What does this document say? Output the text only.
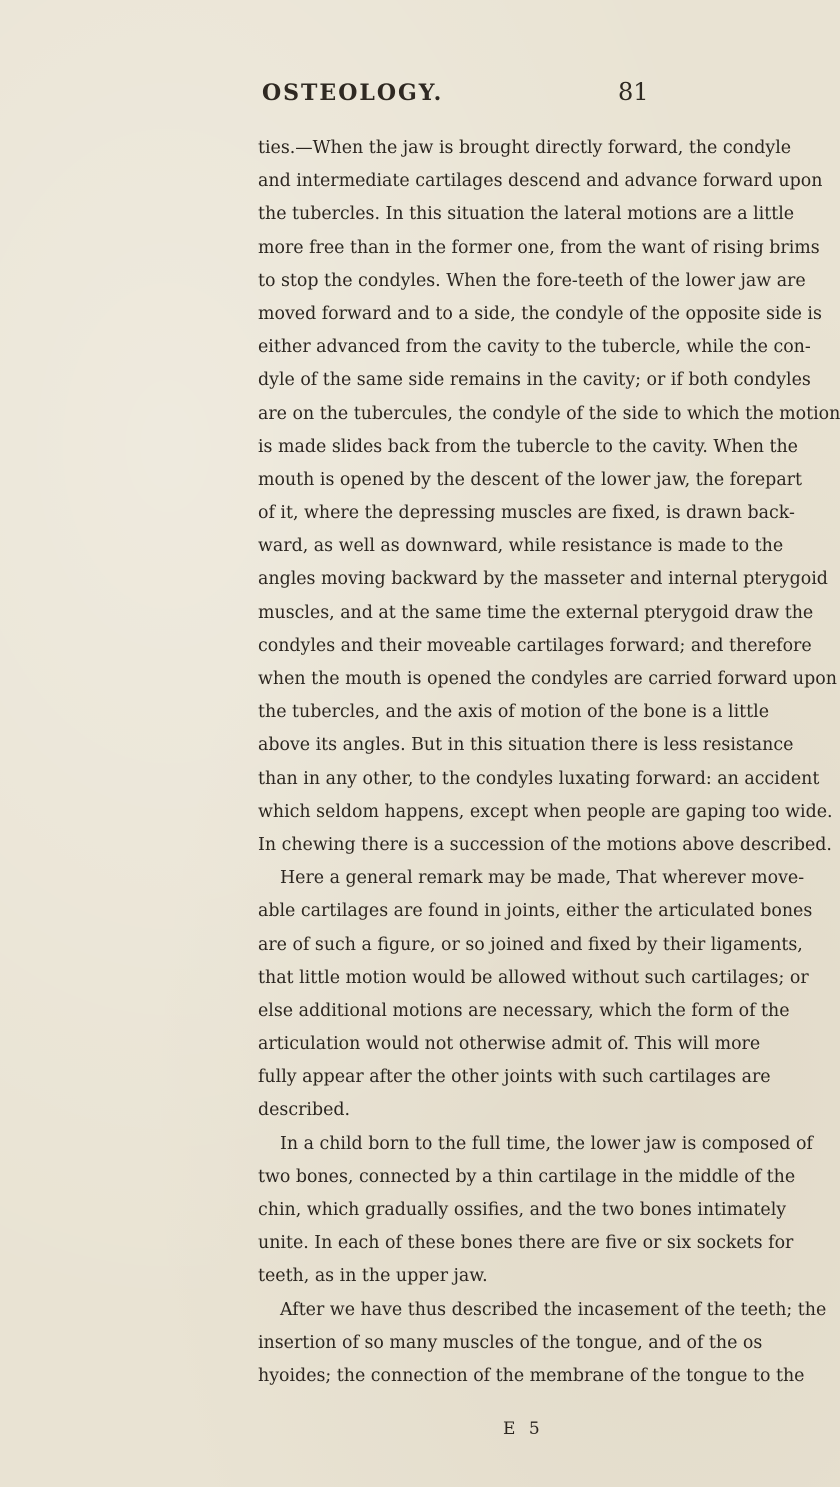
OSTEOLOGY.	81
ties.—When the jaw is brought directly forward, the condyle
and intermediate cartilages descend and advance forward upon
the tubercles. In this situation the lateral motions are a little
more free than in the former one, from the want of rising brims
to stop the condyles. When the fore-teeth of the lower jaw are
moved forward and to a side, the condyle of the opposite side is
either advanced from the cavity to the tubercle, while the con-
dyle of the same side remains in the cavity; or if both condyles
are on the tubercules, the condyle of the side to which the motion
is made slides back from the tubercle to the cavity. When the
mouth is opened by the descent of the lower jaw, the forepart
of it, where the depressing muscles are fixed, is drawn back-
ward, as well as downward, while resistance is made to the
angles moving backward by the masseter and internal pterygoid
muscles, and at the same time the external pterygoid draw the
condyles and their moveable cartilages forward; and therefore
when the mouth is opened the condyles are carried forward upon
the tubercles, and the axis of motion of the bone is a little
above its angles. But in this situation there is less resistance
than in any other, to the condyles luxating forward: an accident
which seldom happens, except when people are gaping too wide.
In chewing there is a succession of the motions above described.
Here a general remark may be made, That wherever move-
able cartilages are found in joints, either the articulated bones
are of such a figure, or so joined and fixed by their ligaments,
that little motion would be allowed without such cartilages; or
else additional motions are necessary, which the form of the
articulation would not otherwise admit of. This will more
fully appear after the other joints with such cartilages are
described.
In a child born to the full time, the lower jaw is composed of
two bones, connected by a thin cartilage in the middle of the
chin, which gradually ossifies, and the two bones intimately
unite. In each of these bones there are five or six sockets for
teeth, as in the upper jaw.
After we have thus described the incasement of the teeth; the
insertion of so many muscles of the tongue, and of the os
hyoides; the connection of the membrane of the tongue to the
E 5
